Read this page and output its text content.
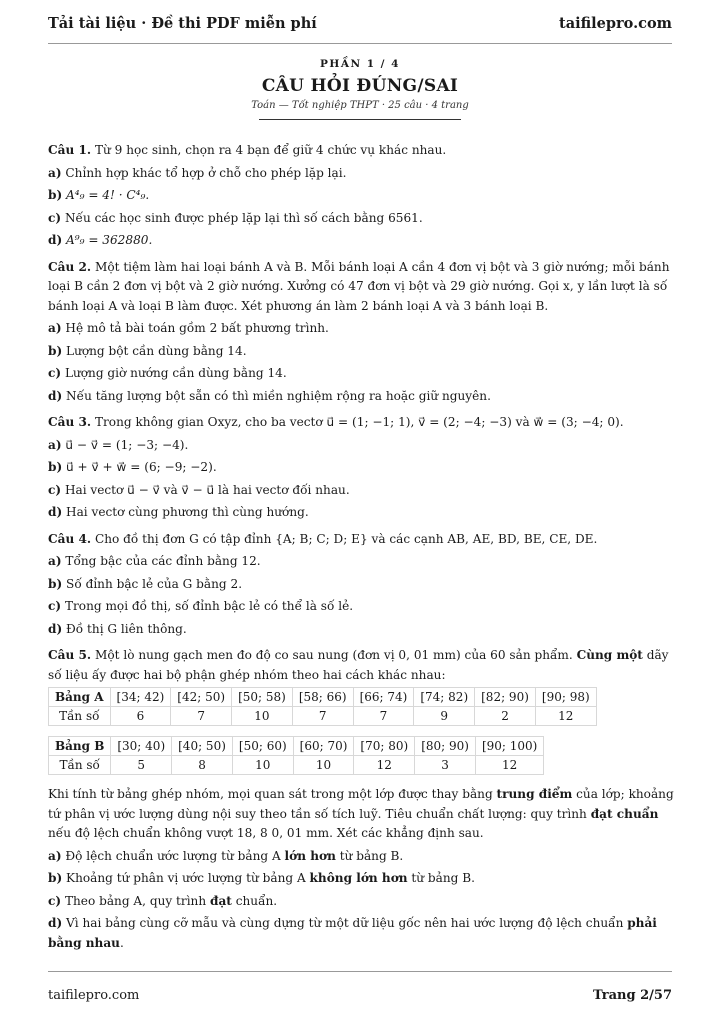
Tải tài liệu · Đề thi PDF miễn phí	taifilepro.com
PHẦN 1 / 4
CÂU HỎI ĐÚNG/SAI
Toán — Tốt nghiệp THPT · 25 câu · 4 trang
Câu 1. Từ 9 học sinh, chọn ra 4 bạn để giữ 4 chức vụ khác nhau.
a) Chỉnh hợp khác tổ hợp ở chỗ cho phép lặp lại.
b) A⁴₉ = 4! · C⁴₉.
c) Nếu các học sinh được phép lặp lại thì số cách bằng 6561.
d) A⁹₉ = 362880.
Câu 2. Một tiệm làm hai loại bánh A và B. Mỗi bánh loại A cần 4 đơn vị bột và 3 giờ nướng; mỗi bánh loại B cần 2 đơn vị bột và 2 giờ nướng. Xưởng có 47 đơn vị bột và 29 giờ nướng. Gọi x, y lần lượt là số bánh loại A và loại B làm được. Xét phương án làm 2 bánh loại A và 3 bánh loại B.
a) Hệ mô tả bài toán gồm 2 bất phương trình.
b) Lượng bột cần dùng bằng 14.
c) Lượng giờ nướng cần dùng bằng 14.
d) Nếu tăng lượng bột sẵn có thì miền nghiệm rộng ra hoặc giữ nguyên.
Câu 3. Trong không gian Oxyz, cho ba vectơ u⃗ = (1; −1; 1), v⃗ = (2; −4; −3) và w⃗ = (3; −4; 0).
a) u⃗ − v⃗ = (1; −3; −4).
b) u⃗ + v⃗ + w⃗ = (6; −9; −2).
c) Hai vectơ u⃗ − v⃗ và v⃗ − u⃗ là hai vectơ đối nhau.
d) Hai vectơ cùng phương thì cùng hướng.
Câu 4. Cho đồ thị đơn G có tập đỉnh {A; B; C; D; E} và các cạnh AB, AE, BD, BE, CE, DE.
a) Tổng bậc của các đỉnh bằng 12.
b) Số đỉnh bậc lẻ của G bằng 2.
c) Trong mọi đồ thị, số đỉnh bậc lẻ có thể là số lẻ.
d) Đồ thị G liên thông.
Câu 5. Một lò nung gạch men đo độ co sau nung (đơn vị 0, 01 mm) của 60 sản phẩm. Cùng một dãy số liệu ấy được hai bộ phận ghép nhóm theo hai cách khác nhau:
Bảng A	[34; 42)	[42; 50)	[50; 58)	[58; 66)	[66; 74)	[74; 82)	[82; 90)	[90; 98)
Tần số	6	7	10	7	7	9	2	12
Bảng B	[30; 40)	[40; 50)	[50; 60)	[60; 70)	[70; 80)	[80; 90)	[90; 100)
Tần số	5	8	10	10	12	3	12
Khi tính từ bảng ghép nhóm, mọi quan sát trong một lớp được thay bằng trung điểm của lớp; khoảng tứ phân vị ước lượng dùng nội suy theo tần số tích luỹ. Tiêu chuẩn chất lượng: quy trình đạt chuẩn nếu độ lệch chuẩn không vượt 18, 8 0, 01 mm. Xét các khẳng định sau.
a) Độ lệch chuẩn ước lượng từ bảng A lớn hơn từ bảng B.
b) Khoảng tứ phân vị ước lượng từ bảng A không lớn hơn từ bảng B.
c) Theo bảng A, quy trình đạt chuẩn.
d) Vì hai bảng cùng cỡ mẫu và cùng dựng từ một dữ liệu gốc nên hai ước lượng độ lệch chuẩn phải bằng nhau.
taifilepro.com	Trang 2/57
